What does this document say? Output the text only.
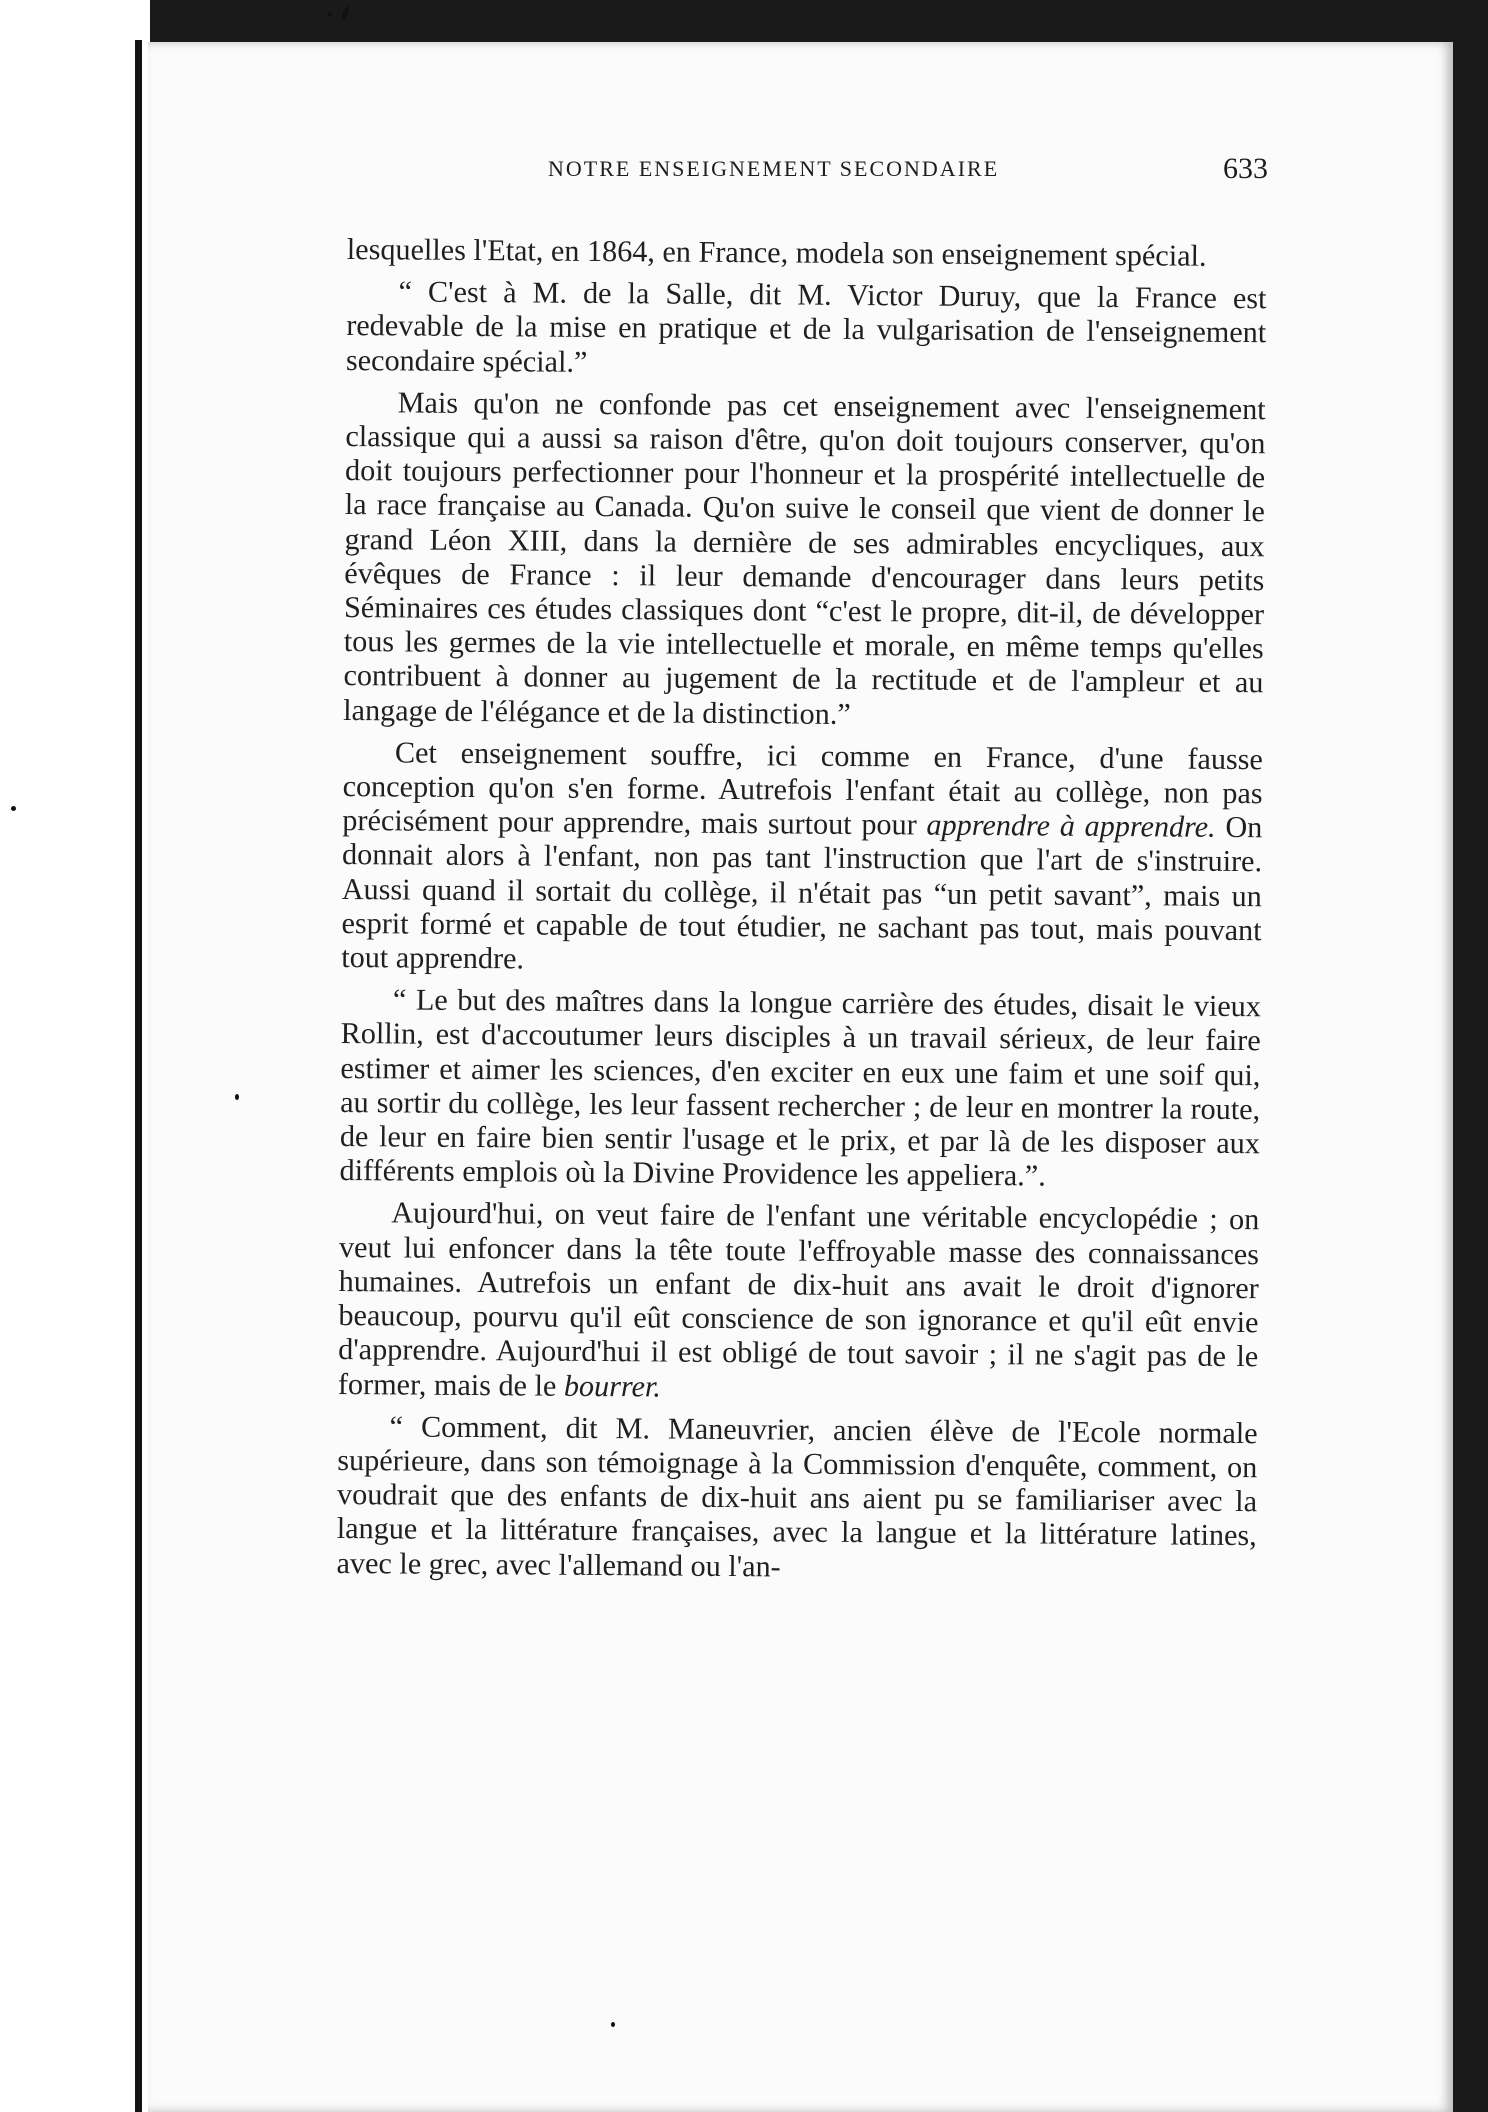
NOTRE ENSEIGNEMENT SECONDAIRE	633

lesquelles l'Etat, en 1864, en France, modela son enseignement spécial.

“ C'est à M. de la Salle, dit M. Victor Duruy, que la France est redevable de la mise en pratique et de la vulgarisation de l'enseignement secondaire spécial.”

Mais qu'on ne confonde pas cet enseignement avec l'enseignement classique qui a aussi sa raison d'être, qu'on doit toujours conserver, qu'on doit toujours perfectionner pour l'honneur et la prospérité intellectuelle de la race française au Canada. Qu'on suive le conseil que vient de donner le grand Léon XIII, dans la dernière de ses admirables encycliques, aux évêques de France : il leur demande d'encourager dans leurs petits Séminaires ces études classiques dont “c'est le propre, dit-il, de développer tous les germes de la vie intellectuelle et morale, en même temps qu'elles contribuent à donner au jugement de la rectitude et de l'ampleur et au langage de l'élégance et de la distinction.”

Cet enseignement souffre, ici comme en France, d'une fausse conception qu'on s'en forme. Autrefois l'enfant était au collège, non pas précisément pour apprendre, mais surtout pour apprendre à apprendre. On donnait alors à l'enfant, non pas tant l'instruction que l'art de s'instruire. Aussi quand il sortait du collège, il n'était pas “un petit savant”, mais un esprit formé et capable de tout étudier, ne sachant pas tout, mais pouvant tout apprendre.

“ Le but des maîtres dans la longue carrière des études, disait le vieux Rollin, est d'accoutumer leurs disciples à un travail sérieux, de leur faire estimer et aimer les sciences, d'en exciter en eux une faim et une soif qui, au sortir du collège, les leur fassent rechercher ; de leur en montrer la route, de leur en faire bien sentir l'usage et le prix, et par là de les disposer aux différents emplois où la Divine Providence les appeliera.”.

Aujourd'hui, on veut faire de l'enfant une véritable encyclopédie ; on veut lui enfoncer dans la tête toute l'effroyable masse des connaissances humaines. Autrefois un enfant de dix-huit ans avait le droit d'ignorer beaucoup, pourvu qu'il eût conscience de son ignorance et qu'il eût envie d'apprendre. Aujourd'hui il est obligé de tout savoir ; il ne s'agit pas de le former, mais de le bourrer.

“ Comment, dit M. Maneuvrier, ancien élève de l'Ecole normale supérieure, dans son témoignage à la Commission d'enquête, comment, on voudrait que des enfants de dix-huit ans aient pu se familiariser avec la langue et la littérature françaises, avec la langue et la littérature latines, avec le grec, avec l'allemand ou l'an-
